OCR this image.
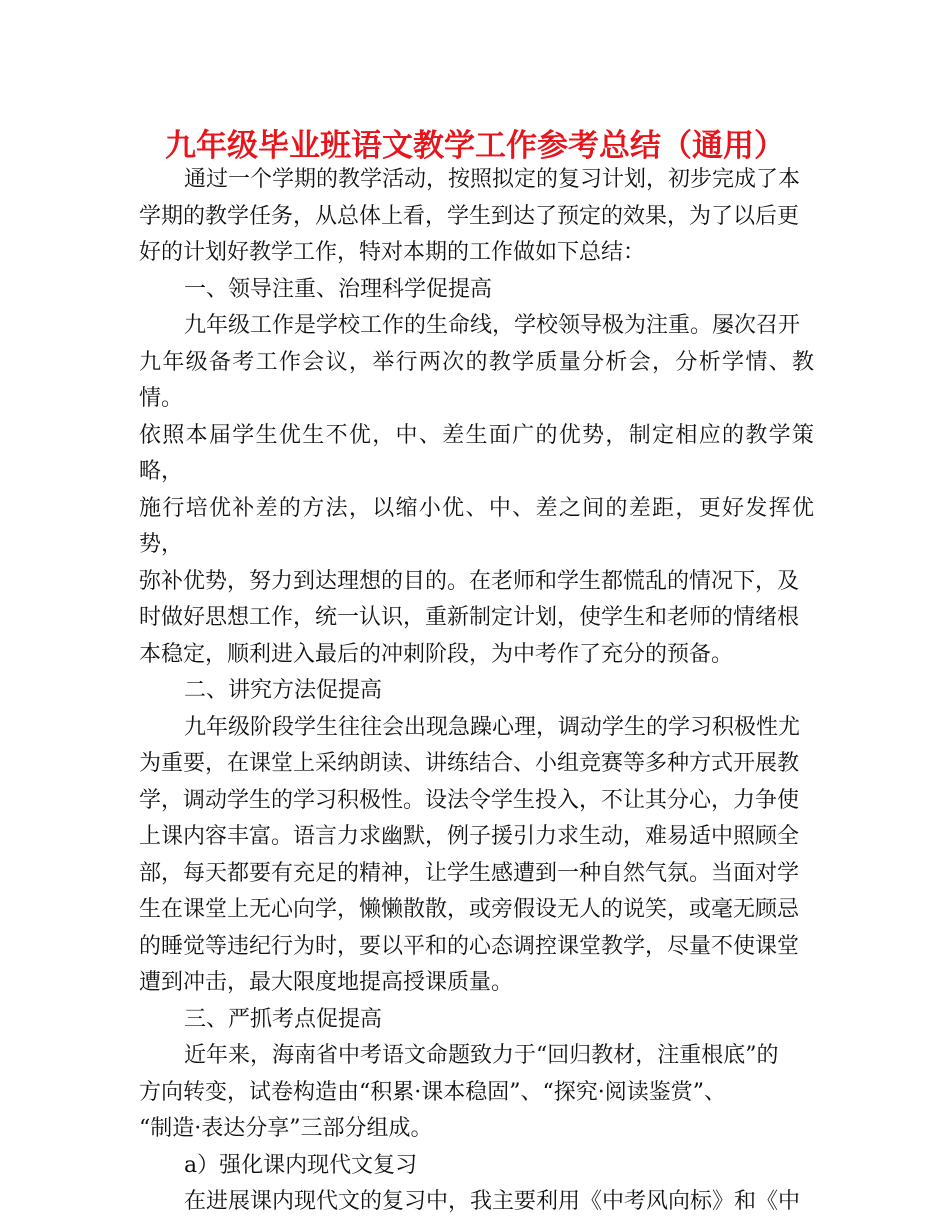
九年级毕业班语文教学工作参考总结（通用）

通过一个学期的教学活动，按照拟定的复习计划，初步完成了本
学期的教学任务，从总体上看，学生到达了预定的效果，为了以后更
好的计划好教学工作，特对本期的工作做如下总结：

一、领导注重、治理科学促提高

九年级工作是学校工作的生命线，学校领导极为注重。屡次召开
九年级备考工作会议，举行两次的教学质量分析会，分析学情、教情。
依照本届学生优生不优，中、差生面广的优势，制定相应的教学策略，
施行培优补差的方法，以缩小优、中、差之间的差距，更好发挥优势，
弥补优势，努力到达理想的目的。在老师和学生都慌乱的情况下，及
时做好思想工作，统一认识，重新制定计划，使学生和老师的情绪根
本稳定，顺利进入最后的冲刺阶段，为中考作了充分的预备。

二、讲究方法促提高

九年级阶段学生往往会出现急躁心理，调动学生的学习积极性尤
为重要，在课堂上采纳朗读、讲练结合、小组竞赛等多种方式开展教
学，调动学生的学习积极性。设法令学生投入，不让其分心，力争使
上课内容丰富。语言力求幽默，例子援引力求生动，难易适中照顾全
部，每天都要有充足的精神，让学生感遭到一种自然气氛。当面对学
生在课堂上无心向学，懒懒散散，或旁假设无人的说笑，或毫无顾忌
的睡觉等违纪行为时，要以平和的心态调控课堂教学，尽量不使课堂
遭到冲击，最大限度地提高授课质量。

三、严抓考点促提高

近年来，海南省中考语文命题致力于“回归教材，注重根底”的
方向转变，试卷构造由“积累·课本稳固”、“探究·阅读鉴赏”、
“制造·表达分享”三部分组成。

a）强化课内现代文复习

在进展课内现代文的复习中，我主要利用《中考风向标》和《中
